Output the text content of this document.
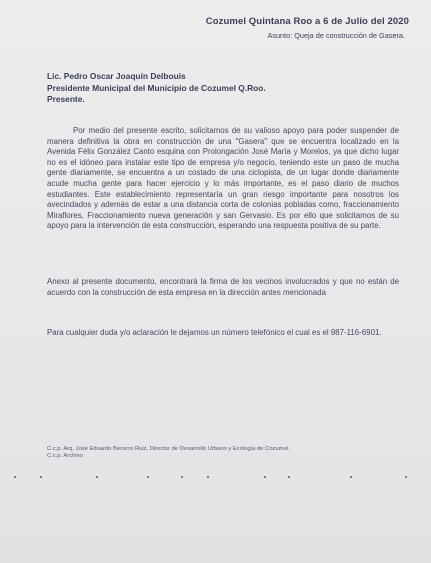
Cozumel Quintana Roo a 6 de Julio del 2020
Asunto: Queja de construcción de Gasera.
Lic. Pedro Oscar Joaquín Delbouis
Presidente Municipal del Municipio de Cozumel Q.Roo.
Presente.
Por medio del presente escrito, solicitamos de su valioso apoyo para poder suspender de manera definitiva la obra en construcción de una "Gasera" que se encuentra localizado en la Avenida Félix González Canto esquina con Prolongación José María y Morelos, ya que dicho lugar no es el idóneo para instalar este tipo de empresa y/o negocio, teniendo este un paso de mucha gente diariamente, se encuentra a un costado de una ciclopista, de un lugar donde diariamente acude mucha gente para hacer ejercicio y lo más importante, es el paso diario de muchos estudiantes. Este establecimiento representaría un gran riesgo importante para nosotros los avecindados y además de estar a una distancia corta de colonias pobladas como, fraccionamiento Miraflores, Fraccionamiento nueva generación y san Gervasio. Es por ello que solicitamos de su apoyo para la intervención de esta construcción, esperando una respuesta positiva de su parte.
Anexo al presente documento, encontrará la firma de los vecinos involucrados y que no están de acuerdo con la construcción de esta empresa en la dirección antes mencionada
Para cualquier duda y/o aclaración le dejamos un número telefónico el cual es el 987-116-6901.
C.c.p. Arq. José Eduardo Becerro Ruiz, Director de Desarrollo Urbano y Ecología de Cozumel.
C.c.p. Archivo
